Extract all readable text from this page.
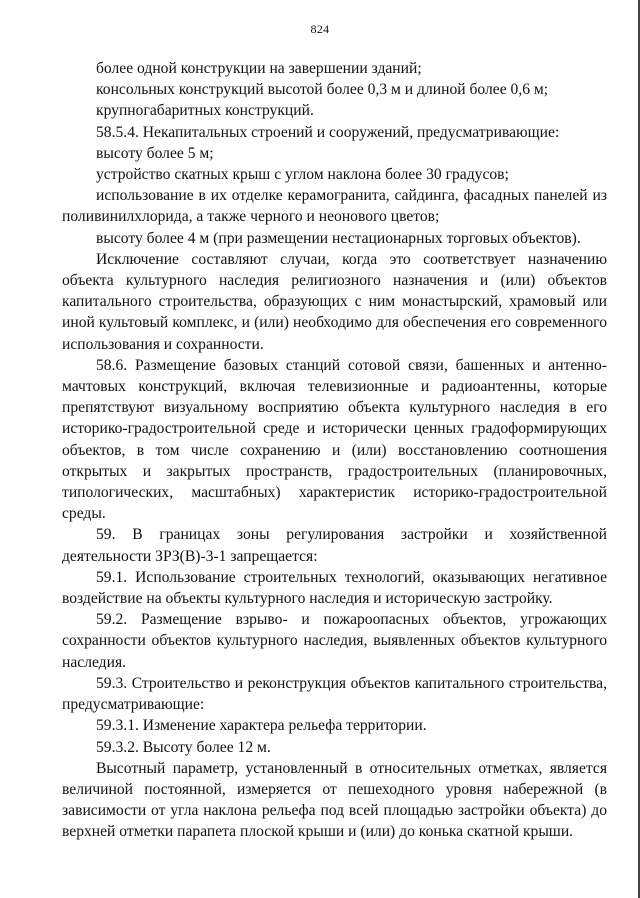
824

более одной конструкции на завершении зданий;

консольных конструкций высотой более 0,3 м и длиной более 0,6 м;

крупногабаритных конструкций.

58.5.4. Некапитальных строений и сооружений, предусматривающие:

высоту более 5 м;

устройство скатных крыш с углом наклона более 30 градусов;

использование в их отделке керамогранита, сайдинга, фасадных панелей из поливинилхлорида, а также черного и неонового цветов;

высоту более 4 м (при размещении нестационарных торговых объектов).

Исключение составляют случаи, когда это соответствует назначению объекта культурного наследия религиозного назначения и (или) объектов капитального строительства, образующих с ним монастырский, храмовый или иной культовый комплекс, и (или) необходимо для обеспечения его современного использования и сохранности.

58.6. Размещение базовых станций сотовой связи, башенных и антенно-мачтовых конструкций, включая телевизионные и радиоантенны, которые препятствуют визуальному восприятию объекта культурного наследия в его историко-градостроительной среде и исторически ценных градоформирующих объектов, в том числе сохранению и (или) восстановлению соотношения открытых и закрытых пространств, градостроительных (планировочных, типологических, масштабных) характеристик историко-градостроительной среды.

59. В границах зоны регулирования застройки и хозяйственной деятельности ЗРЗ(В)-3-1 запрещается:

59.1. Использование строительных технологий, оказывающих негативное воздействие на объекты культурного наследия и историческую застройку.

59.2. Размещение взрыво- и пожароопасных объектов, угрожающих сохранности объектов культурного наследия, выявленных объектов культурного наследия.

59.3. Строительство и реконструкция объектов капитального строительства, предусматривающие:

59.3.1. Изменение характера рельефа территории.

59.3.2. Высоту более 12 м.

Высотный параметр, установленный в относительных отметках, является величиной постоянной, измеряется от пешеходного уровня набережной (в зависимости от угла наклона рельефа под всей площадью застройки объекта) до верхней отметки парапета плоской крыши и (или) до конька скатной крыши.
